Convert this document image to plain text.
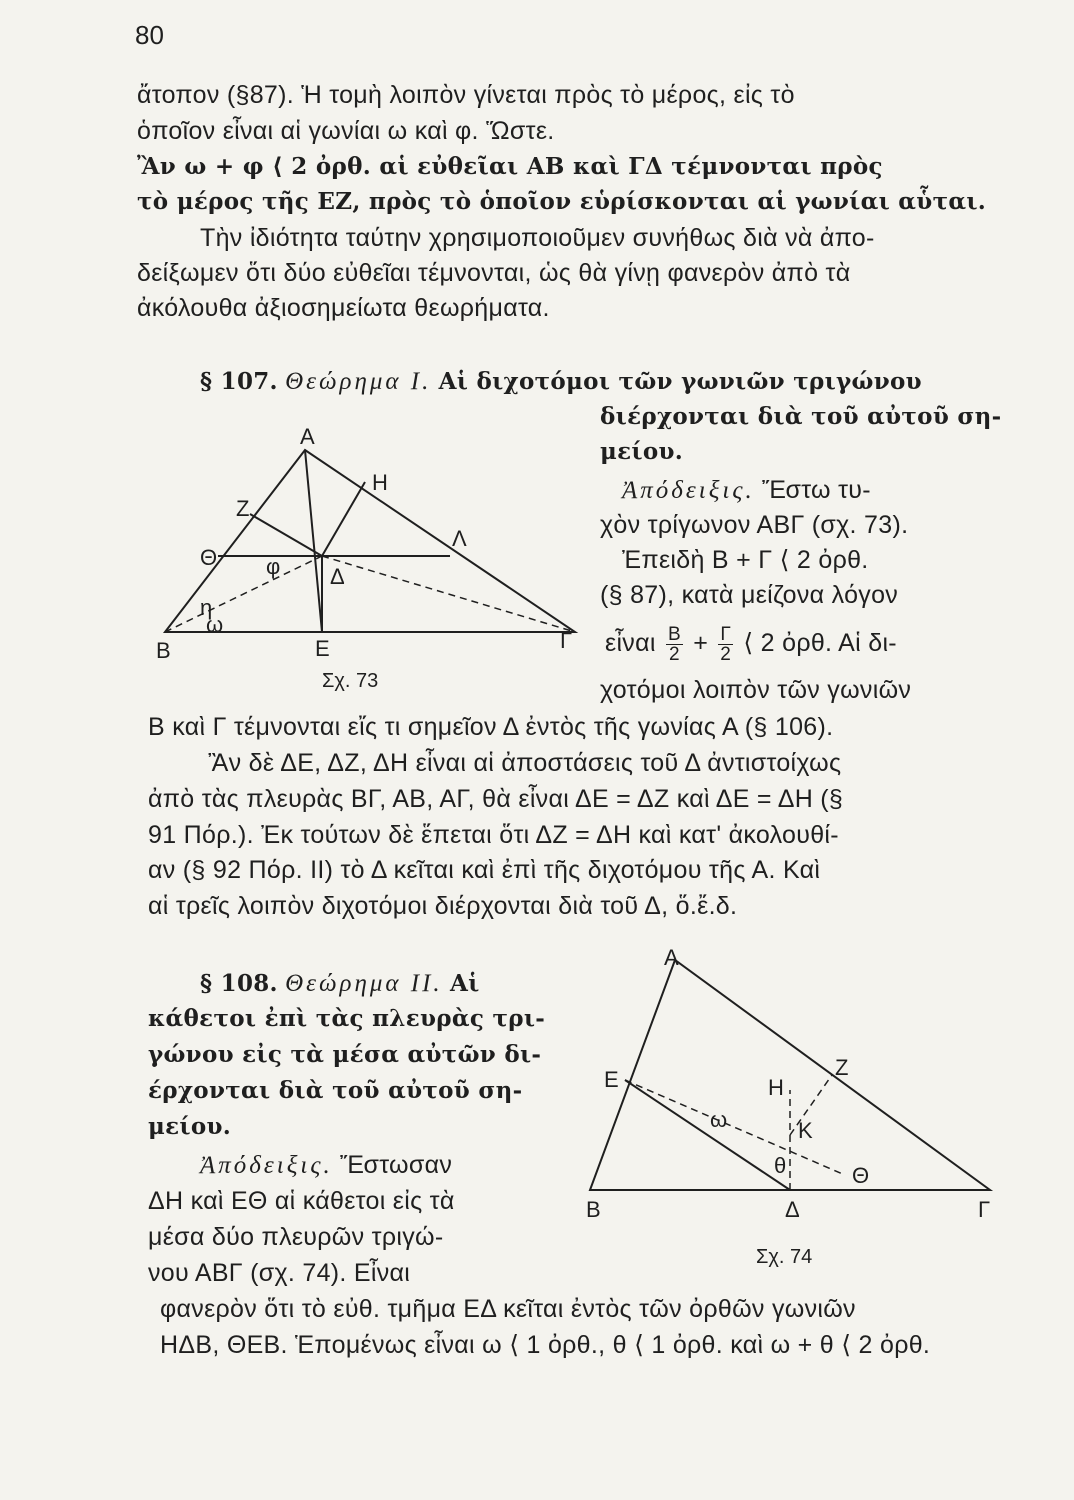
80
ἄτοπον (§87). Ἡ τομὴ λοιπὸν γίνεται πρὸς τὸ μέρος, εἰς τὸ
ὁποῖον εἶναι αἱ γωνίαι ω καὶ φ. Ὥστε.
Ἂν ω + φ ⟨ 2 ὀρθ. αἱ εὐθεῖαι ΑΒ καὶ ΓΔ τέμνονται πρὸς
τὸ μέρος τῆς ΕΖ, πρὸς τὸ ὁποῖον εὑρίσκονται αἱ γωνίαι αὗται.
Τὴν ἰδιότητα ταύτην χρησιμοποιοῦμεν συνήθως διὰ νὰ ἀπο-
δείξωμεν ὅτι δύο εὐθεῖαι τέμνονται, ὡς θὰ γίνῃ φανερὸν ἀπὸ τὰ
ἀκόλουθα ἀξιοσημείωτα θεωρήματα.
§ 107. Θεώρημα Ι. Αἱ διχοτόμοι τῶν γωνιῶν τριγώνου
διέρχονται διὰ τοῦ αὐτοῦ ση-
μείου.
Ἀπόδειξις. Ἔστω τυ-
χὸν τρίγωνον ΑΒΓ (σχ. 73).
Ἐπειδὴ Β + Γ ⟨ 2 ὀρθ.
(§ 87), κατὰ μείζονα λόγον
εἶναι $\frac{B}{2} + \frac{\Gamma}{2}$ ⟨ 2 ὀρθ. Αἱ δι-
χοτόμοι λοιπὸν τῶν γωνιῶν
Β καὶ Γ τέμνονται εἴς τι σημεῖον Δ ἐντὸς τῆς γωνίας Α (§ 106).
Ἂν δὲ ΔΕ, ΔΖ, ΔΗ εἶναι αἱ ἀποστάσεις τοῦ Δ ἀντιστοίχως
ἀπὸ τὰς πλευρὰς ΒΓ, ΑΒ, ΑΓ, θὰ εἶναι ΔΕ = ΔΖ καὶ ΔΕ = ΔΗ (§
91 Πόρ.). Ἐκ τούτων δὲ ἕπεται ὅτι ΔΖ = ΔΗ καὶ κατ' ἀκολουθί-
αν (§ 92 Πόρ. ΙΙ) τὸ Δ κεῖται καὶ ἐπὶ τῆς διχοτόμου τῆς Α. Καὶ
αἱ τρεῖς λοιπὸν διχοτόμοι διέρχονται διὰ τοῦ Δ, ὅ.ἔ.δ.
Α
Β	Γ
Δ
Ε
Ζ
Η
Λ
Θ φ
η
ω
Σχ. 73
§ 108. Θεώρημα ΙΙ. Αἱ
κάθετοι ἐπὶ τὰς πλευρὰς τρι-
γώνου εἰς τὰ μέσα αὐτῶν δι-
έρχονται διὰ τοῦ αὐτοῦ ση-
μείου.
Ἀπόδειξις. Ἔστωσαν
ΔΗ καὶ ΕΘ αἱ κάθετοι εἰς τὰ
μέσα δύο πλευρῶν τριγώ-
νου ΑΒΓ (σχ. 74). Εἶναι
φανερὸν ὅτι τὸ εὐθ. τμῆμα ΕΔ κεῖται ἐντὸς τῶν ὀρθῶν γωνιῶν
ΗΔΒ, ΘΕΒ. Ἑπομένως εἶναι ω ⟨ 1 ὀρθ., θ ⟨ 1 ὀρθ. καὶ ω + θ ⟨ 2 ὀρθ.
Α
Β	Γ
Δ
Ε	Ζ
Η
Κ
Θ
θ
ω
Σχ. 74
